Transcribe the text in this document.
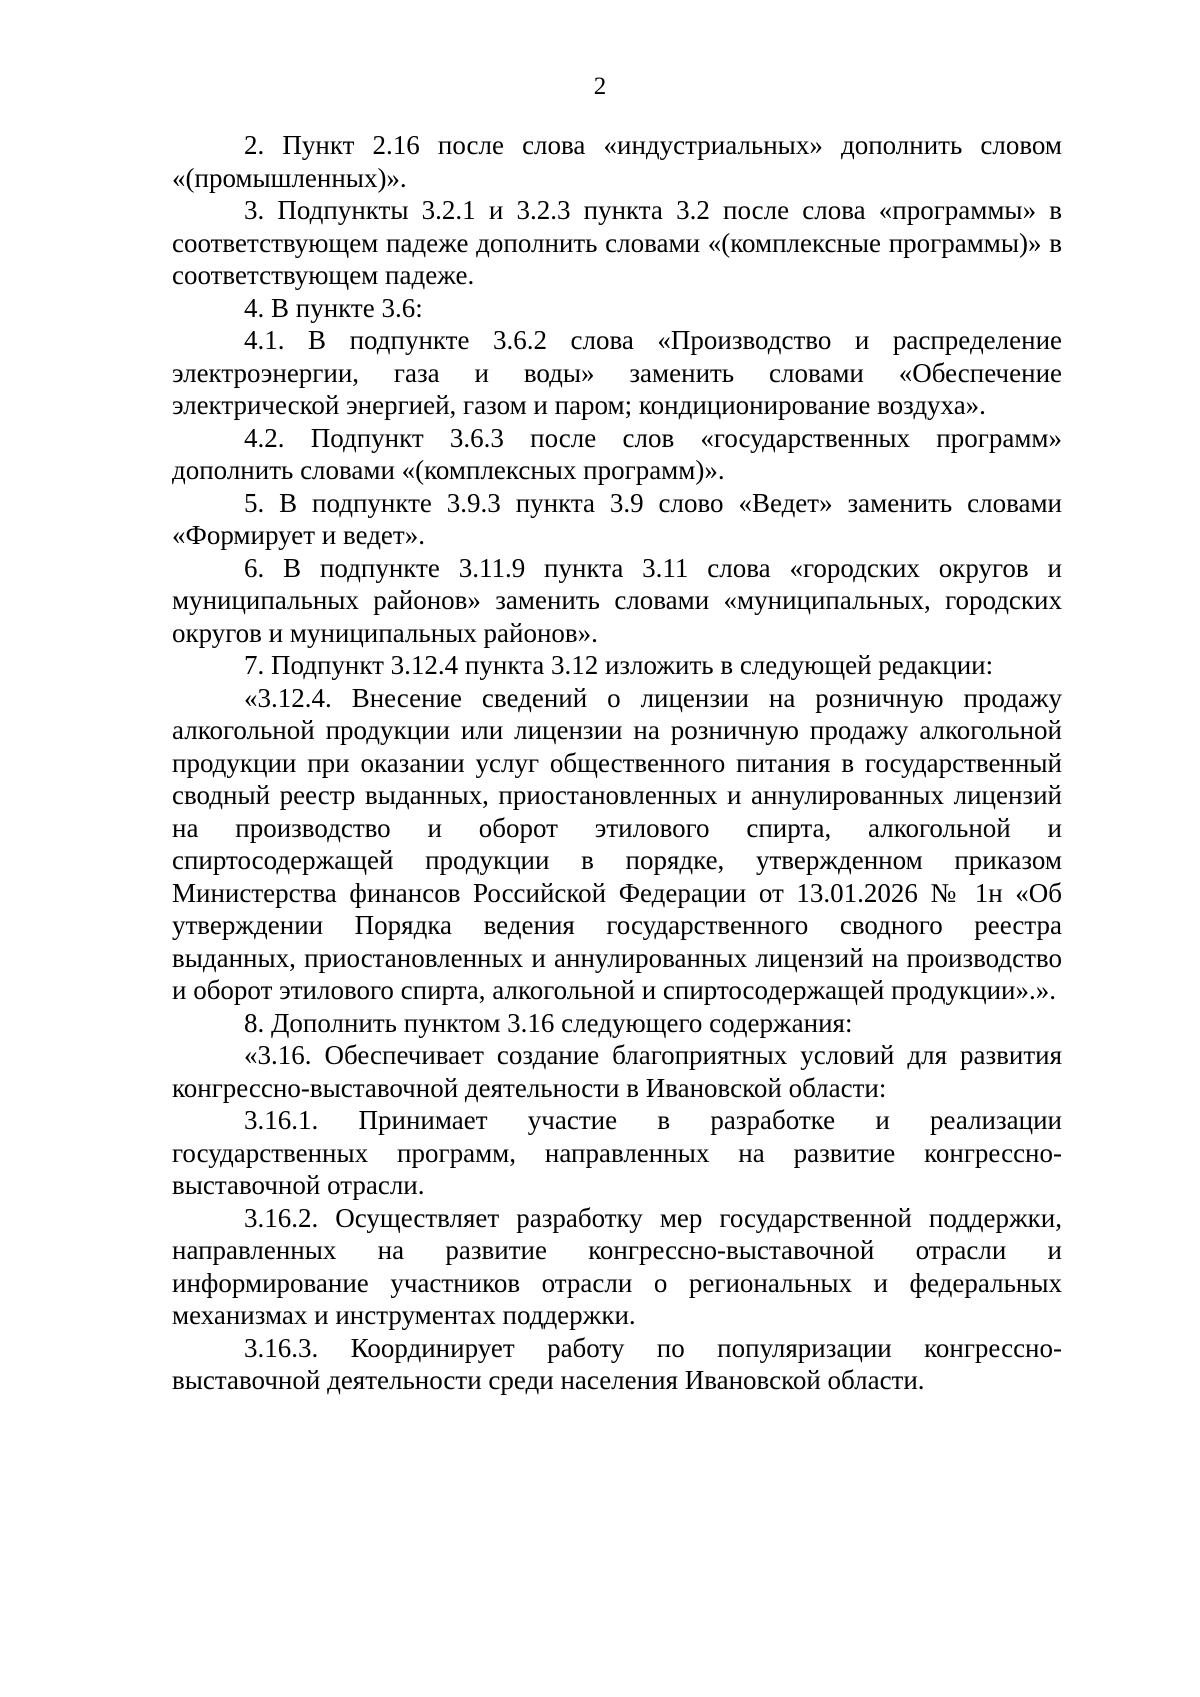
2

2. Пункт 2.16 после слова «индустриальных» дополнить словом «(промышленных)».

3. Подпункты 3.2.1 и 3.2.3 пункта 3.2 после слова «программы» в соответствующем падеже дополнить словами «(комплексные программы)» в соответствующем падеже.

4. В пункте 3.6:

4.1. В подпункте 3.6.2 слова «Производство и распределение электроэнергии, газа и воды» заменить словами «Обеспечение электрической энергией, газом и паром; кондиционирование воздуха».

4.2. Подпункт 3.6.3 после слов «государственных программ» дополнить словами «(комплексных программ)».

5. В подпункте 3.9.3 пункта 3.9 слово «Ведет» заменить словами «Формирует и ведет».

6. В подпункте 3.11.9 пункта 3.11 слова «городских округов и муниципальных районов» заменить словами «муниципальных, городских округов и муниципальных районов».

7. Подпункт 3.12.4 пункта 3.12 изложить в следующей редакции:

«3.12.4. Внесение сведений о лицензии на розничную продажу алкогольной продукции или лицензии на розничную продажу алкогольной продукции при оказании услуг общественного питания в государственный сводный реестр выданных, приостановленных и аннулированных лицензий на производство и оборот этилового спирта, алкогольной и спиртосодержащей продукции в порядке, утвержденном приказом Министерства финансов Российской Федерации от 13.01.2026 № 1н «Об утверждении Порядка ведения государственного сводного реестра выданных, приостановленных и аннулированных лицензий на производство и оборот этилового спирта, алкогольной и спиртосодержащей продукции».».

8. Дополнить пунктом 3.16 следующего содержания:

«3.16. Обеспечивает создание благоприятных условий для развития конгрессно-выставочной деятельности в Ивановской области:

3.16.1. Принимает участие в разработке и реализации государственных программ, направленных на развитие конгрессно-выставочной отрасли.

3.16.2. Осуществляет разработку мер государственной поддержки, направленных на развитие конгрессно-выставочной отрасли и информирование участников отрасли о региональных и федеральных механизмах и инструментах поддержки.

3.16.3. Координирует работу по популяризации конгрессно-выставочной деятельности среди населения Ивановской области.
